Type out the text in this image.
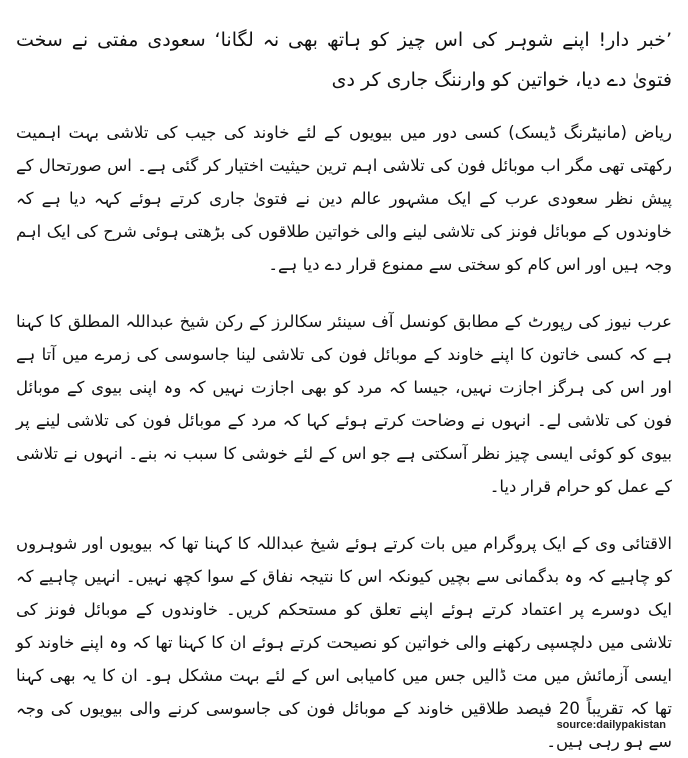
’خبر دار! اپنے شوہر کی اس چیز کو ہاتھ بھی نہ لگانا‘ سعودی مفتی نے سخت فتویٰ دے دیا، خواتین کو وارننگ جاری کر دی

ریاض (مانیٹرنگ ڈیسک) کسی دور میں بیویوں کے لئے خاوند کی جیب کی تلاشی بہت اہمیت رکھتی تھی مگر اب موبائل فون کی تلاشی اہم ترین حیثیت اختیار کر گئی ہے۔ اس صورتحال کے پیش نظر سعودی عرب کے ایک مشہور عالم دین نے فتویٰ جاری کرتے ہوئے کہہ دیا ہے کہ خاوندوں کے موبائل فونز کی تلاشی لینے والی خواتین طلاقوں کی بڑھتی ہوئی شرح کی ایک اہم وجہ ہیں اور اس کام کو سختی سے ممنوع قرار دے دیا ہے۔

عرب نیوز کی رپورٹ کے مطابق کونسل آف سینئر سکالرز کے رکن شیخ عبداللہ المطلق کا کہنا ہے کہ کسی خاتون کا اپنے خاوند کے موبائل فون کی تلاشی لینا جاسوسی کی زمرے میں آتا ہے اور اس کی ہرگز اجازت نہیں، جیسا کہ مرد کو بھی اجازت نہیں کہ وہ اپنی بیوی کے موبائل فون کی تلاشی لے۔ انہوں نے وضاحت کرتے ہوئے کہا کہ مرد کے موبائل فون کی تلاشی لینے پر بیوی کو کوئی ایسی چیز نظر آسکتی ہے جو اس کے لئے خوشی کا سبب نہ بنے۔ انہوں نے تلاشی کے عمل کو حرام قرار دیا۔

الاقتائی وی کے ایک پروگرام میں بات کرتے ہوئے شیخ عبداللہ کا کہنا تھا کہ بیویوں اور شوہروں کو چاہیے کہ وہ بدگمانی سے بچیں کیونکہ اس کا نتیجہ نفاق کے سوا کچھ نہیں۔ انہیں چاہیے کہ ایک دوسرے پر اعتماد کرتے ہوئے اپنے تعلق کو مستحکم کریں۔ خاوندوں کے موبائل فونز کی تلاشی میں دلچسپی رکھنے والی خواتین کو نصیحت کرتے ہوئے ان کا کہنا تھا کہ وہ اپنے خاوند کو ایسی آزمائش میں مت ڈالیں جس میں کامیابی اس کے لئے بہت مشکل ہو۔ ان کا یہ بھی کہنا تھا کہ تقریباً 20 فیصد طلاقیں خاوند کے موبائل فون کی جاسوسی کرنے والی بیویوں کی وجہ سے ہو رہی ہیں۔

source:dailypakistan
